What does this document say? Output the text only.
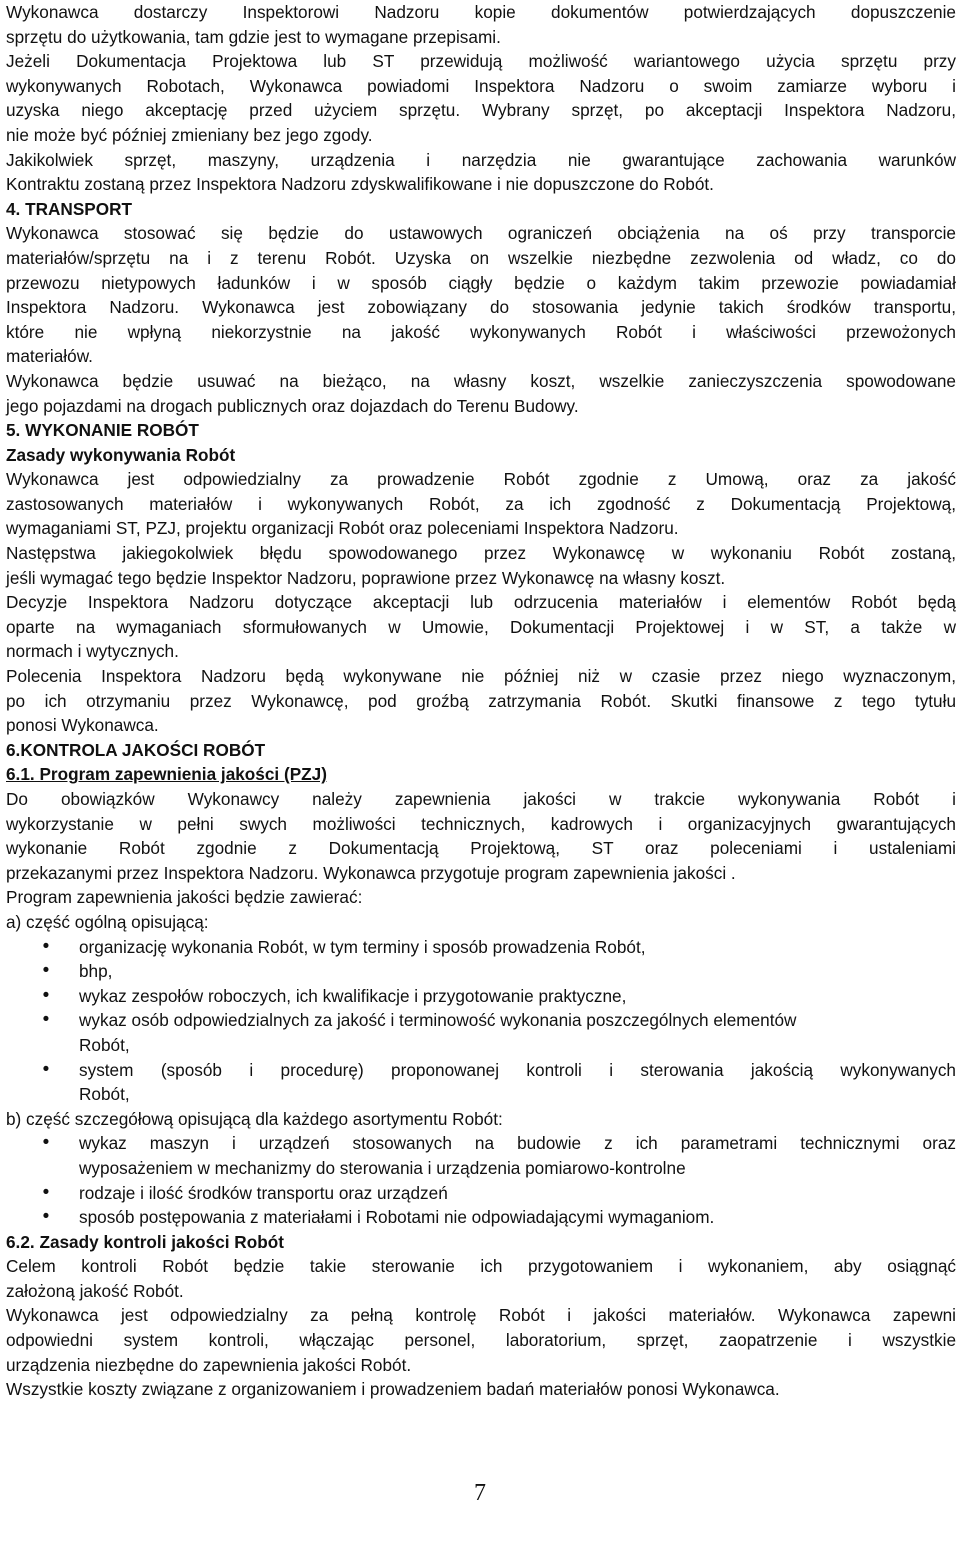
Wykonawca dostarczy Inspektorowi Nadzoru kopie dokumentów potwierdzających dopuszczenie
sprzętu do użytkowania, tam gdzie jest to wymagane przepisami.
Jeżeli Dokumentacja Projektowa lub ST przewidują możliwość wariantowego użycia sprzętu przy
wykonywanych Robotach, Wykonawca powiadomi Inspektora Nadzoru o swoim zamiarze wyboru i
uzyska niego akceptację przed użyciem sprzętu. Wybrany sprzęt, po akceptacji Inspektora Nadzoru,
nie może być później zmieniany bez jego zgody.
Jakikolwiek sprzęt, maszyny, urządzenia i narzędzia nie gwarantujące zachowania warunków
Kontraktu zostaną przez Inspektora Nadzoru zdyskwalifikowane i nie dopuszczone do Robót.
4. TRANSPORT
Wykonawca stosować się będzie do ustawowych ograniczeń obciążenia na oś przy transporcie
materiałów/sprzętu na i z terenu Robót. Uzyska on wszelkie niezbędne zezwolenia od władz, co do
przewozu nietypowych ładunków i w sposób ciągły będzie o każdym takim przewozie powiadamiał
Inspektora Nadzoru. Wykonawca jest zobowiązany do stosowania jedynie takich środków transportu,
które nie wpłyną niekorzystnie na jakość wykonywanych Robót i właściwości przewożonych
materiałów.
Wykonawca będzie usuwać na bieżąco, na własny koszt, wszelkie zanieczyszczenia spowodowane
jego pojazdami na drogach publicznych oraz dojazdach do Terenu Budowy.
5. WYKONANIE ROBÓT
Zasady wykonywania Robót
Wykonawca jest odpowiedzialny za prowadzenie Robót zgodnie z Umową, oraz za jakość
zastosowanych materiałów i wykonywanych Robót, za ich zgodność z Dokumentacją Projektową,
wymaganiami ST, PZJ, projektu organizacji Robót oraz poleceniami Inspektora Nadzoru.
Następstwa jakiegokolwiek błędu spowodowanego przez Wykonawcę w wykonaniu Robót zostaną,
jeśli wymagać tego będzie Inspektor Nadzoru, poprawione przez Wykonawcę na własny koszt.
Decyzje Inspektora Nadzoru dotyczące akceptacji lub odrzucenia materiałów i elementów Robót będą
oparte na wymaganiach sformułowanych w Umowie, Dokumentacji Projektowej i w ST, a także w
normach i wytycznych.
Polecenia Inspektora Nadzoru będą wykonywane nie później niż w czasie przez niego wyznaczonym,
po ich otrzymaniu przez Wykonawcę, pod groźbą zatrzymania Robót. Skutki finansowe z tego tytułu
ponosi Wykonawca.
6.KONTROLA JAKOŚCI ROBÓT
6.1. Program zapewnienia jakości (PZJ)
Do obowiązków Wykonawcy należy zapewnienia jakości w trakcie wykonywania Robót i
wykorzystanie w pełni swych możliwości technicznych, kadrowych i organizacyjnych gwarantujących
wykonanie Robót zgodnie z Dokumentacją Projektową, ST oraz poleceniami i ustaleniami
przekazanymi przez Inspektora Nadzoru. Wykonawca przygotuje program zapewnienia jakości .
Program zapewnienia jakości będzie zawierać:
a) część ogólną opisującą:
•	organizację wykonania Robót, w tym terminy i sposób prowadzenia Robót,
•	bhp,
•	wykaz zespołów roboczych, ich kwalifikacje i przygotowanie praktyczne,
•	wykaz osób odpowiedzialnych za jakość i terminowość wykonania poszczególnych elementów
Robót,
•	system (sposób i procedurę) proponowanej kontroli i sterowania jakością wykonywanych
Robót,
b) część szczegółową opisującą dla każdego asortymentu Robót:
•	wykaz maszyn i urządzeń stosowanych na budowie z ich parametrami technicznymi oraz
wyposażeniem w mechanizmy do sterowania i urządzenia pomiarowo-kontrolne
•	rodzaje i ilość środków transportu oraz urządzeń
•	sposób postępowania z materiałami i Robotami nie odpowiadającymi wymaganiom.
6.2. Zasady kontroli jakości Robót
Celem kontroli Robót będzie takie sterowanie ich przygotowaniem i wykonaniem, aby osiągnąć
założoną jakość Robót.
Wykonawca jest odpowiedzialny za pełną kontrolę Robót i jakości materiałów. Wykonawca zapewni
odpowiedni system kontroli, włączając personel, laboratorium, sprzęt, zaopatrzenie i wszystkie
urządzenia niezbędne do zapewnienia jakości Robót.
Wszystkie koszty związane z organizowaniem i prowadzeniem badań materiałów ponosi Wykonawca.
7
